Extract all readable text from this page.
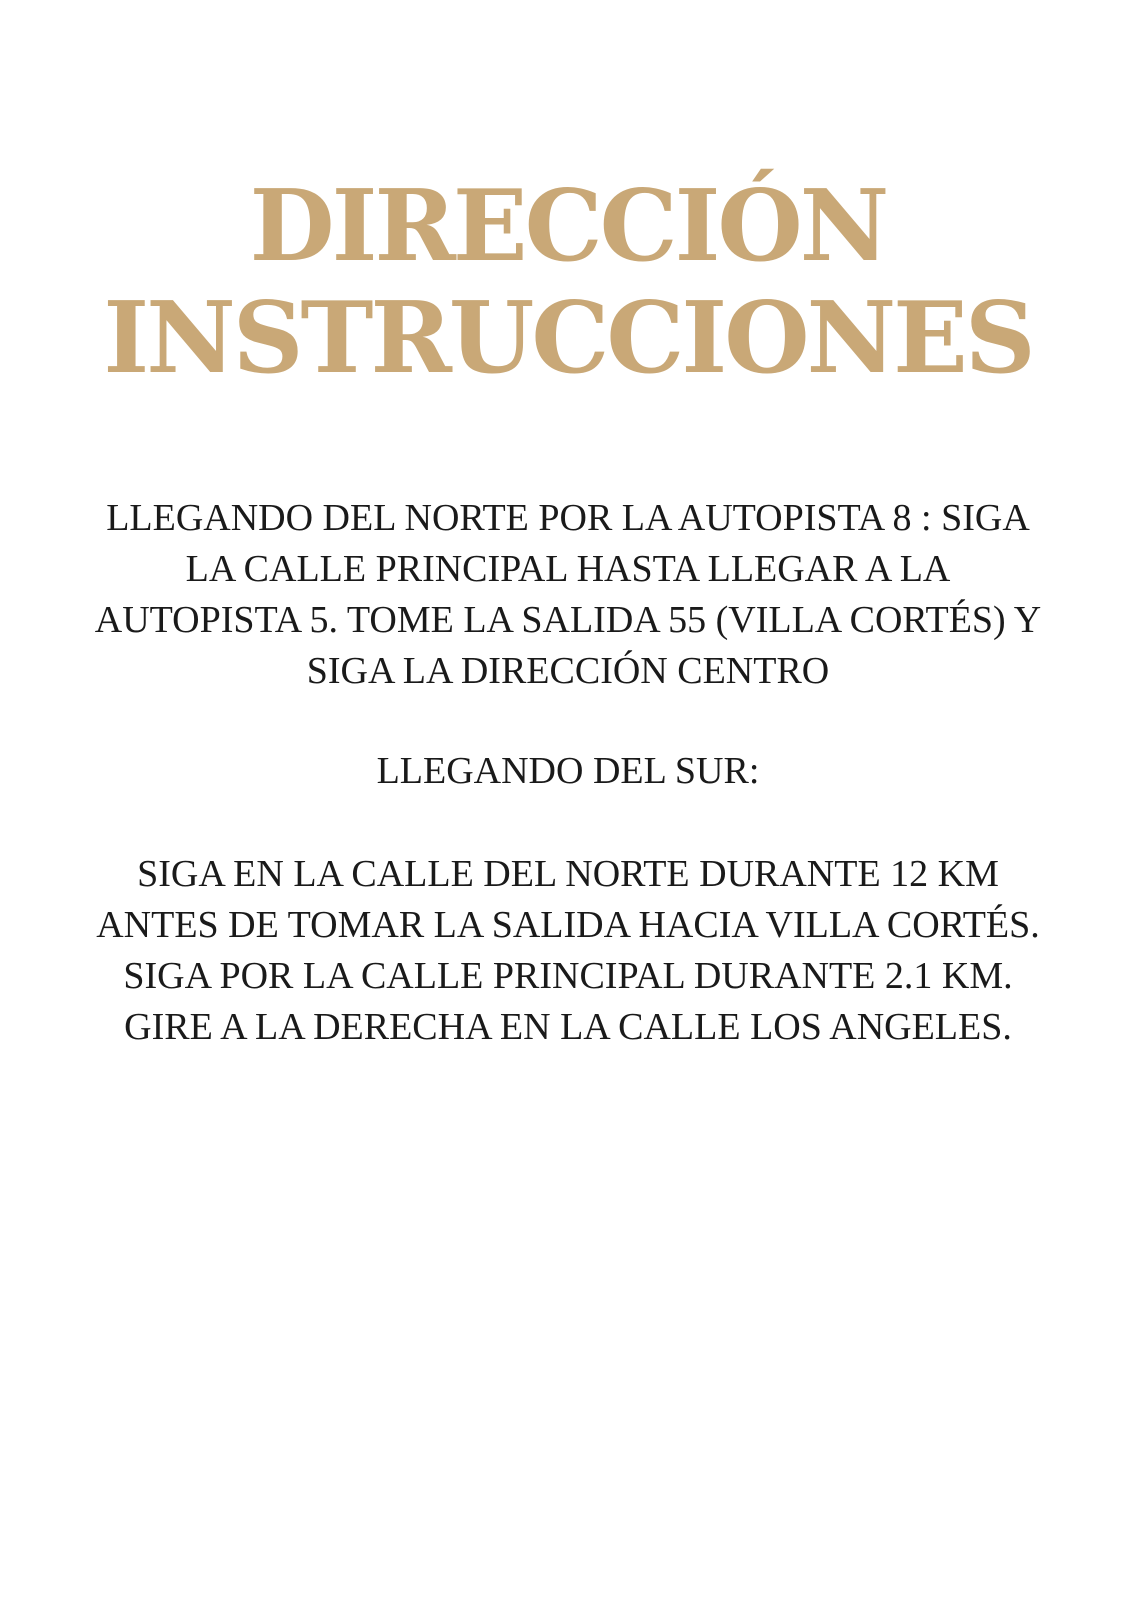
DIRECCIÓN
INSTRUCCIONES

LLEGANDO DEL NORTE POR LA AUTOPISTA 8 : SIGA LA CALLE PRINCIPAL HASTA LLEGAR A LA AUTOPISTA 5. TOME LA SALIDA 55 (VILLA CORTÉS) Y SIGA LA DIRECCIÓN CENTRO

LLEGANDO DEL SUR:

SIGA EN LA CALLE DEL NORTE DURANTE 12 KM ANTES DE TOMAR LA SALIDA HACIA VILLA CORTÉS. SIGA POR LA CALLE PRINCIPAL DURANTE 2.1 KM. GIRE A LA DERECHA EN LA CALLE LOS ANGELES.
